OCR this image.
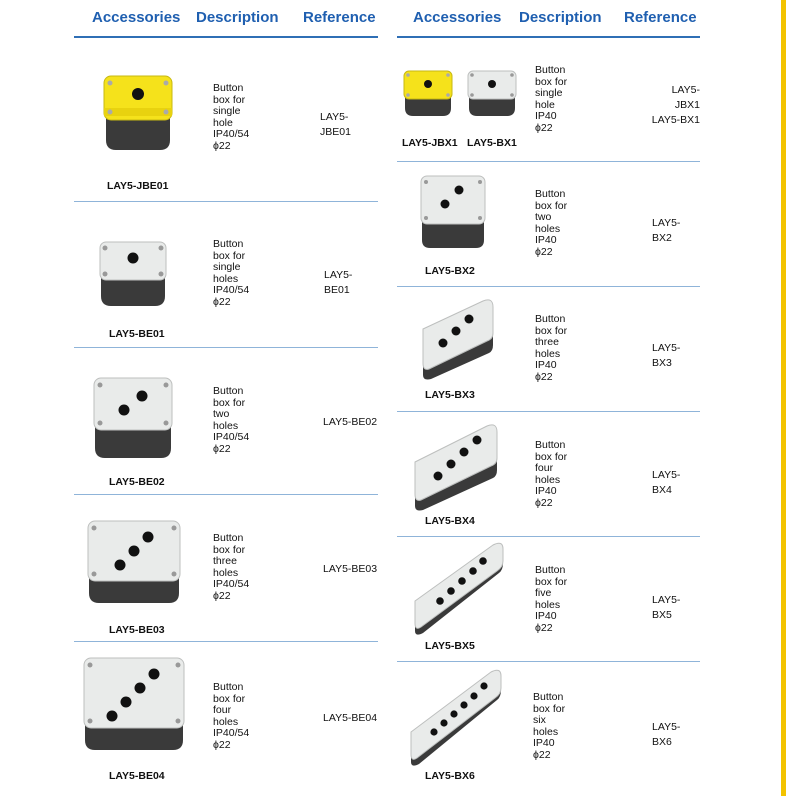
Accessories Description Reference
LAY5-JBE01
Button
box for
single
hole
IP40/54
ϕ22
LAY5-JBE01
LAY5-BE01
Button
box for
single
holes
IP40/54
ϕ22
LAY5-BE01
LAY5-BE02
Button
box for
two
holes
IP40/54
ϕ22
LAY5-BE02
LAY5-BE03
Button
box for
three
holes
IP40/54
ϕ22
LAY5-BE03
LAY5-BE04
Button
box for
four
holes
IP40/54
ϕ22
LAY5-BE04
Accessories Description Reference
LAY5-JBX1 LAY5-BX1
Button
box for
single
hole
IP40
ϕ22
LAY5-JBX1
LAY5-BX1
LAY5-BX2
Button
box for
two
holes
IP40
ϕ22
LAY5-BX2
LAY5-BX3
Button
box for
three
holes
IP40
ϕ22
LAY5-BX3
LAY5-BX4
Button
box for
four
holes
IP40
ϕ22
LAY5-BX4
LAY5-BX5
Button
box for
five
holes
IP40
ϕ22
LAY5-BX5
LAY5-BX6
Button
box for
six
holes
IP40
ϕ22
LAY5-BX6
